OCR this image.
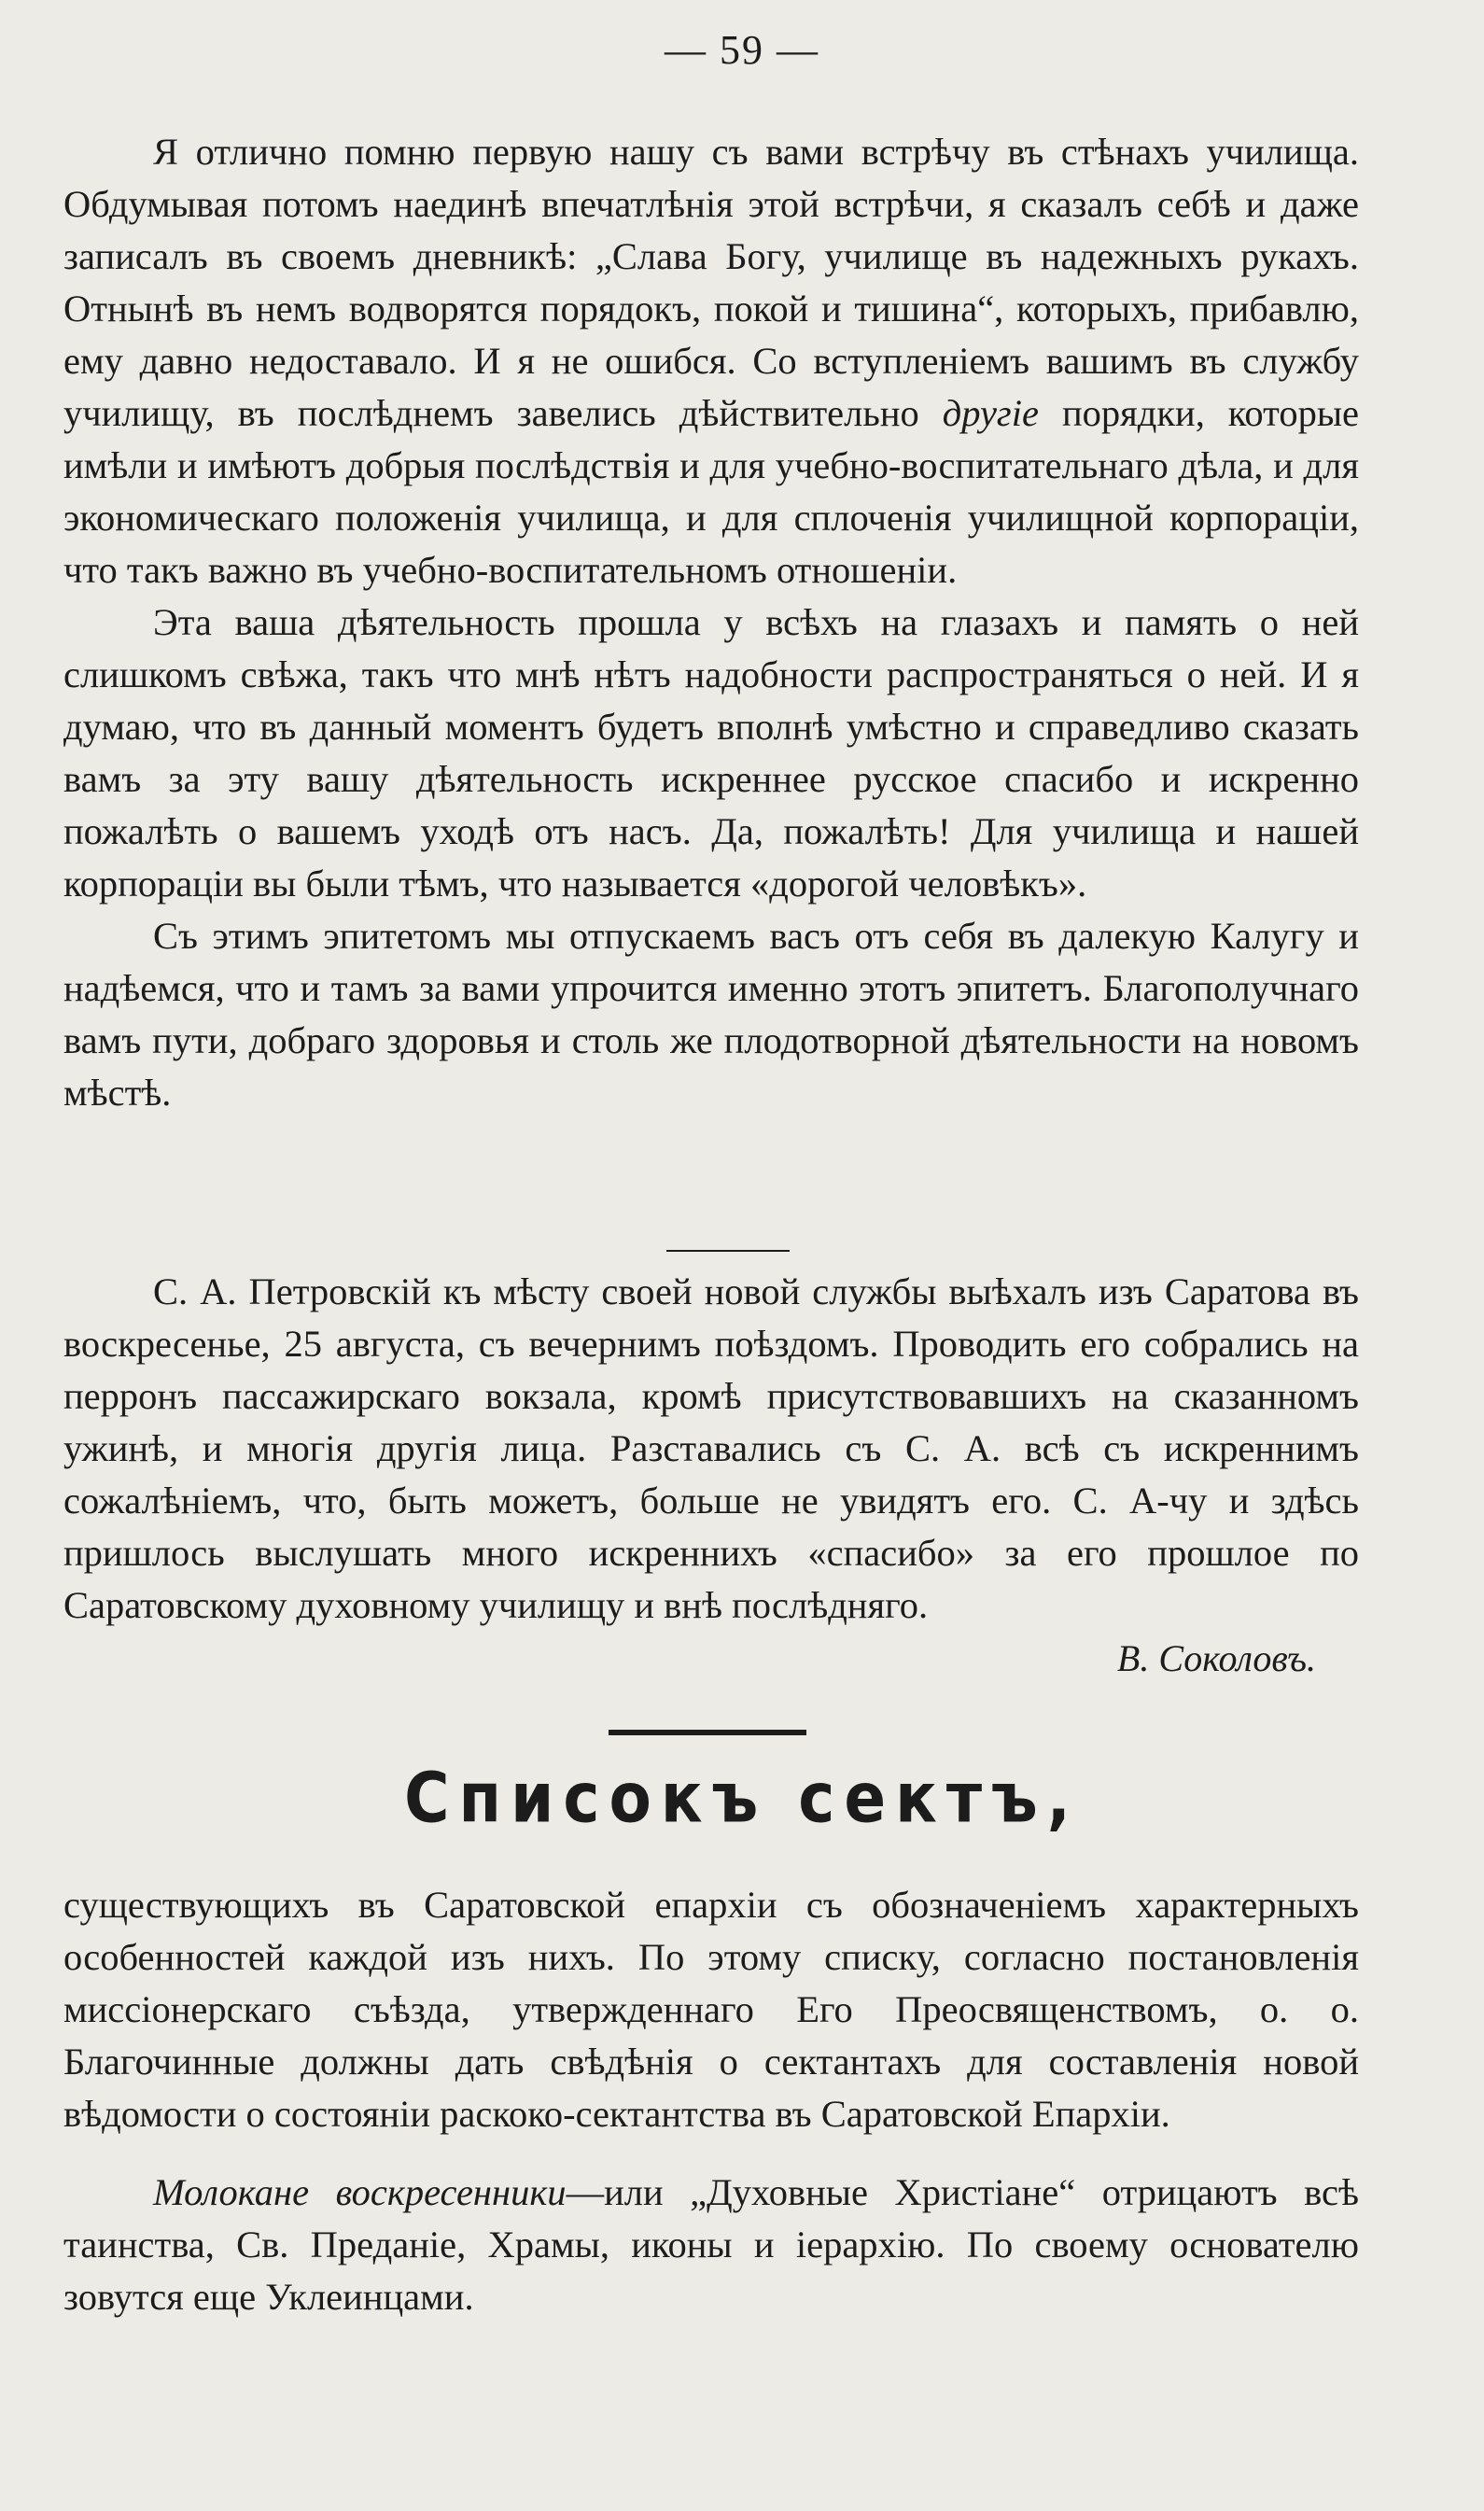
— 59 —

Я отлично помню первую нашу съ вами встрѣчу въ стѣнахъ училища. Обдумывая потомъ наединѣ впечатлѣнія этой встрѣчи, я сказалъ себѣ и даже записалъ въ своемъ дневникѣ: „Слава Богу, училище въ надежныхъ рукахъ. Отнынѣ въ немъ водворятся порядокъ, покой и тишина“, которыхъ, прибавлю, ему давно недоставало. И я не ошибся. Со вступленіемъ вашимъ въ службу училищу, въ послѣднемъ завелись дѣйствительно другіе порядки, которые имѣли и имѣютъ добрыя послѣдствія и для учебно-воспитательнаго дѣла, и для экономическаго положенія училища, и для сплоченія училищной корпораціи, что такъ важно въ учебно-воспитательномъ отношеніи.

Эта ваша дѣятельность прошла у всѣхъ на глазахъ и память о ней слишкомъ свѣжа, такъ что мнѣ нѣтъ надобности распространяться о ней. И я думаю, что въ данный моментъ будетъ вполнѣ умѣстно и справедливо сказать вамъ за эту вашу дѣятельность искреннее русское спасибо и искренно пожалѣть о вашемъ уходѣ отъ насъ. Да, пожалѣть! Для училища и нашей корпораціи вы были тѣмъ, что называется «дорогой человѣкъ».

Съ этимъ эпитетомъ мы отпускаемъ васъ отъ себя въ далекую Калугу и надѣемся, что и тамъ за вами упрочится именно этотъ эпитетъ. Благополучнаго вамъ пути, добраго здоровья и столь же плодотворной дѣятельности на новомъ мѣстѣ.

С. А. Петровскій къ мѣсту своей новой службы выѣхалъ изъ Саратова въ воскресенье, 25 августа, съ вечернимъ поѣздомъ. Проводить его собрались на перронъ пассажирскаго вокзала, кромѣ присутствовавшихъ на сказанномъ ужинѣ, и многія другія лица. Разставались съ С. А. всѣ съ искреннимъ сожалѣніемъ, что, быть можетъ, больше не увидятъ его. С. А-чу и здѣсь пришлось выслушать много искреннихъ «спасибо» за его прошлое по Саратовскому духовному училищу и внѣ послѣдняго.

В. Соколовъ.
Списокъ сектъ,

существующихъ въ Саратовской епархіи съ обозначеніемъ характерныхъ особенностей каждой изъ нихъ. По этому списку, согласно постановленія миссіонерскаго съѣзда, утвержденнаго Его Преосвященствомъ, о. о. Благочинные должны дать свѣдѣнія о сектантахъ для составленія новой вѣдомости о состояніи раскоко-сектантства въ Саратовской Епархіи.

Молокане воскресенники—или „Духовные Христіане“ отрицаютъ всѣ таинства, Св. Преданіе, Храмы, иконы и іерархію. По своему основателю зовутся еще Уклеинцами.
